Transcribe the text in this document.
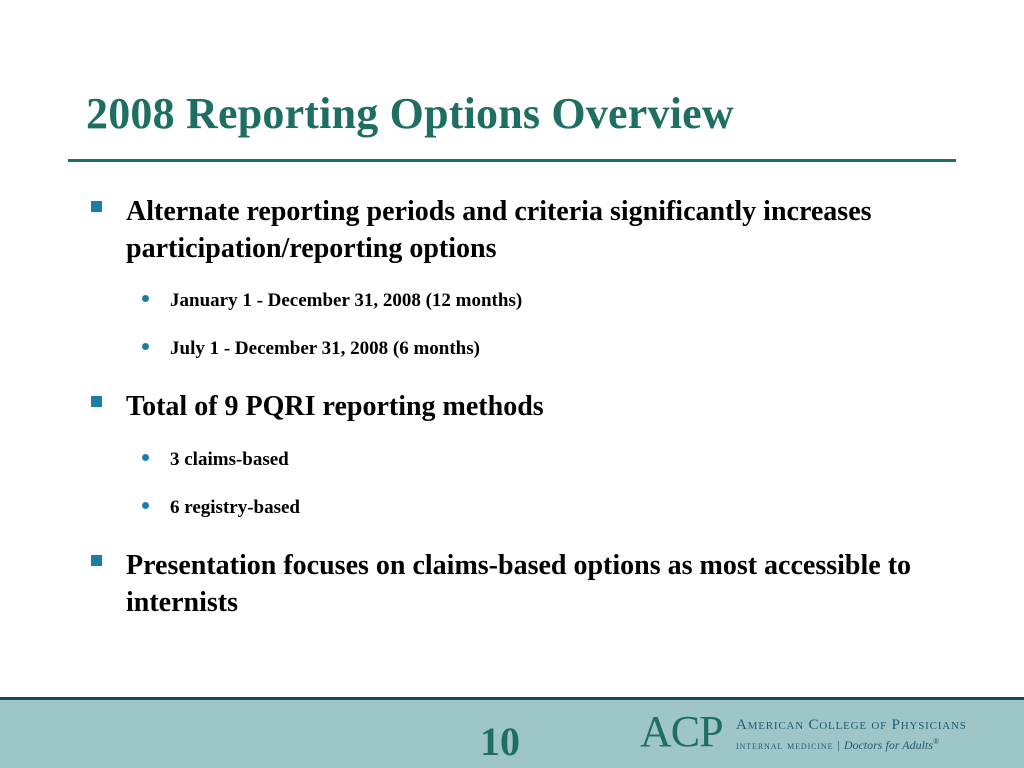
2008 Reporting Options Overview
Alternate reporting periods and criteria significantly increases participation/reporting options
January 1 - December 31, 2008 (12 months)
July 1 - December 31, 2008 (6 months)
Total of 9 PQRI reporting methods
3 claims-based
6 registry-based
Presentation focuses on claims-based options as most accessible to internists
10	ACP American College of Physicians
internal medicine | Doctors for Adults®
